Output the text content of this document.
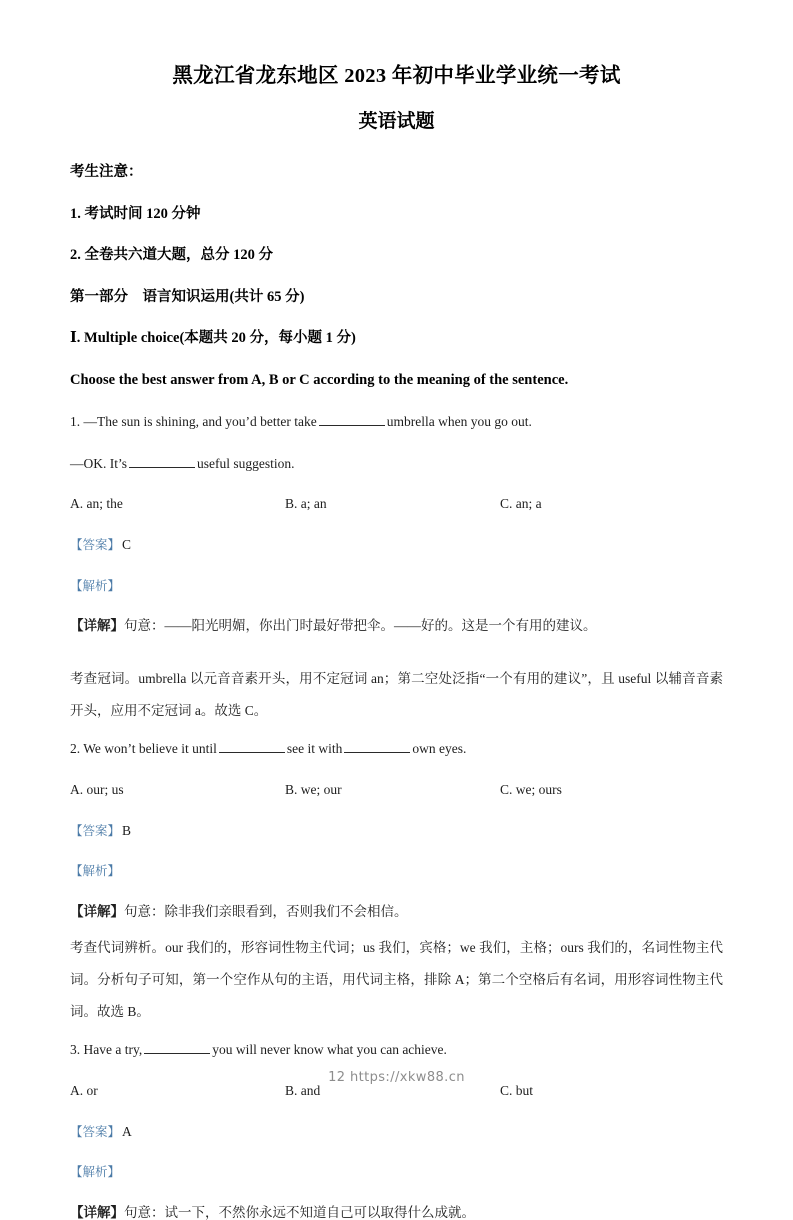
黑龙江省龙东地区 2023 年初中毕业学业统一考试
英语试题

考生注意：

1. 考试时间 120 分钟

2. 全卷共六道大题，总分 120 分

第一部分　语言知识运用(共计 65 分)

Ⅰ. Multiple choice(本题共 20 分，每小题 1 分)

Choose the best answer from A, B or C according to the meaning of the sentence.

1. —The sun is shining, and you’d better take	umbrella when you go out.

—OK. It’s	useful suggestion.

A. an; the	B. a; an	C. an; a

【答案】 C

【解析】

【详解】句意：——阳光明媚，你出门时最好带把伞。——好的。这是一个有用的建议。

考查冠词。umbrella 以元音音素开头，用不定冠词 an；第二空处泛指“一个有用的建议”，且 useful 以辅音音素开头，应用不定冠词 a。故选 C。

2. We won’t believe it until	see it with	own eyes.

A. our; us	B. we; our	C. we; ours

【答案】 B

【解析】

【详解】句意：除非我们亲眼看到，否则我们不会相信。

考查代词辨析。our 我们的，形容词性物主代词；us 我们，宾格；we 我们，主格；ours 我们的，名词性物主代词。分析句子可知，第一个空作从句的主语，用代词主格，排除 A；第二个空格后有名词，用形容词性物主代词。故选 B。

3. Have a try,	you will never know what you can achieve.

A. or	B. and	C. but

【答案】 A

【解析】

【详解】句意：试一下，不然你永远不知道自己可以取得什么成就。

12 https://xkw88.cn
